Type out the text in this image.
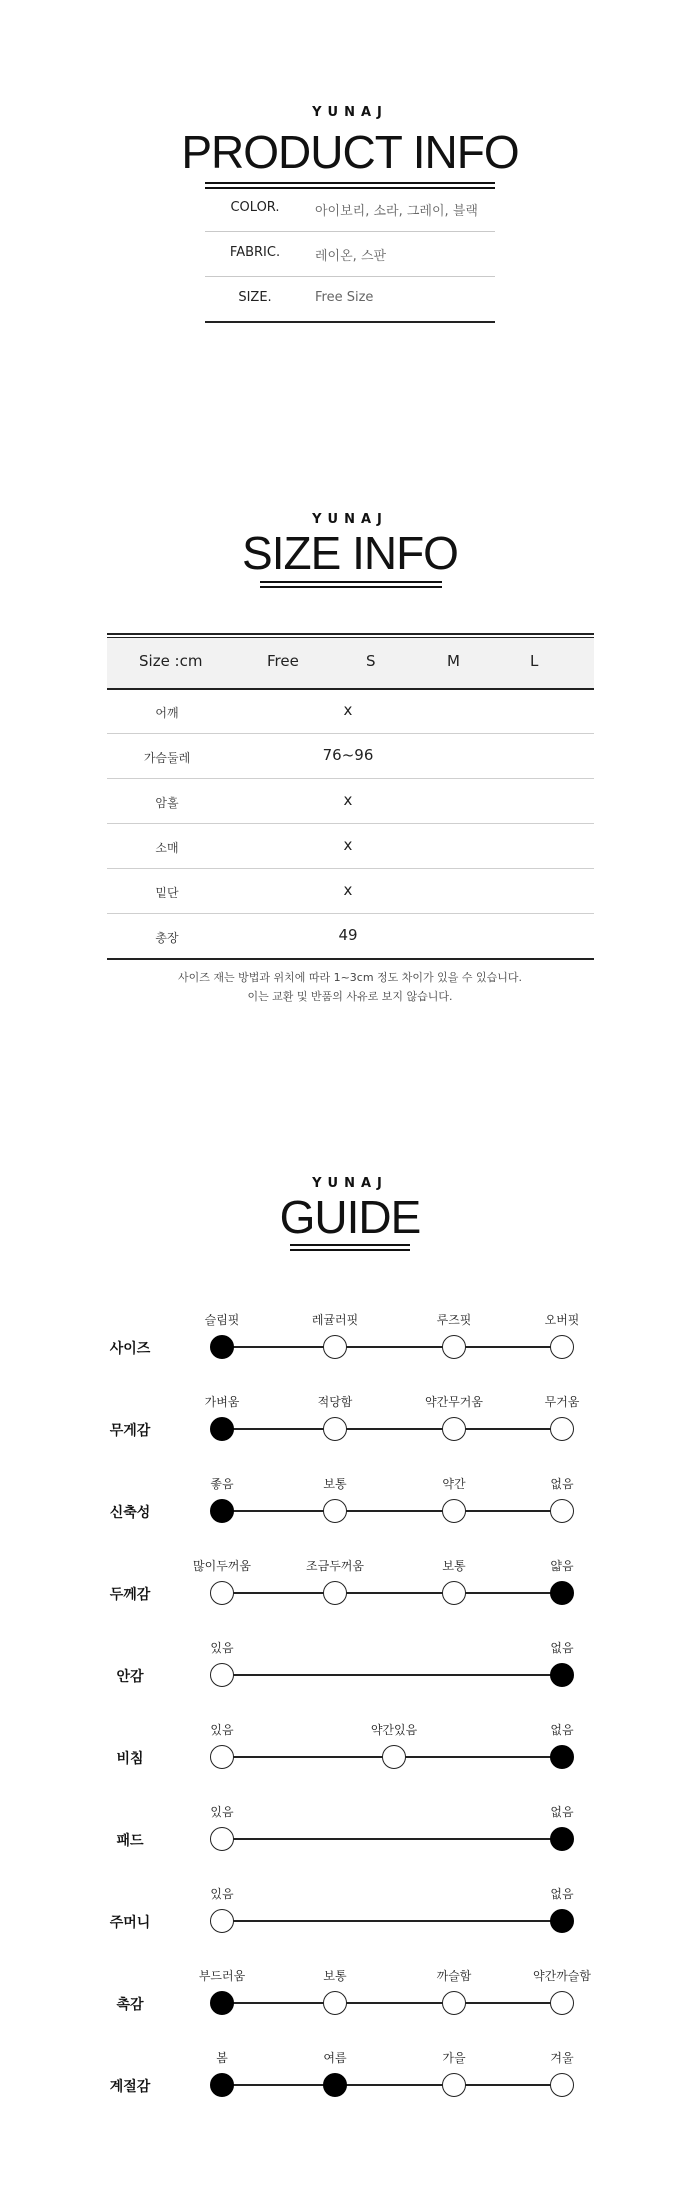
YUNAJ
PRODUCT INFO
COLOR.	아이보리, 소라, 그레이, 블랙
FABRIC.	레이온, 스판
SIZE.	Free Size
YUNAJ
SIZE INFO
Size :cm	Free	S	M	L
어깨	x
가슴둘레	76~96
암홀	x
소매	x
밑단	x
총장	49
사이즈 재는 방법과 위치에 따라 1~3cm 정도 차이가 있을 수 있습니다.
이는 교환 및 반품의 사유로 보지 않습니다.
YUNAJ
GUIDE
사이즈
슬림핏	레귤러핏	루즈핏	오버핏
무게감
가벼움	적당함	약간무거움	무거움
신축성
좋음	보통	약간	없음
두께감
많이두꺼움	조금두꺼움	보통	얇음
안감
있음	없음
비침
있음	약간있음	없음
패드
있음	없음
주머니
있음	없음
촉감
부드러움	보통	까슬함	약간까슬함
계절감
봄	여름	가을	겨울
